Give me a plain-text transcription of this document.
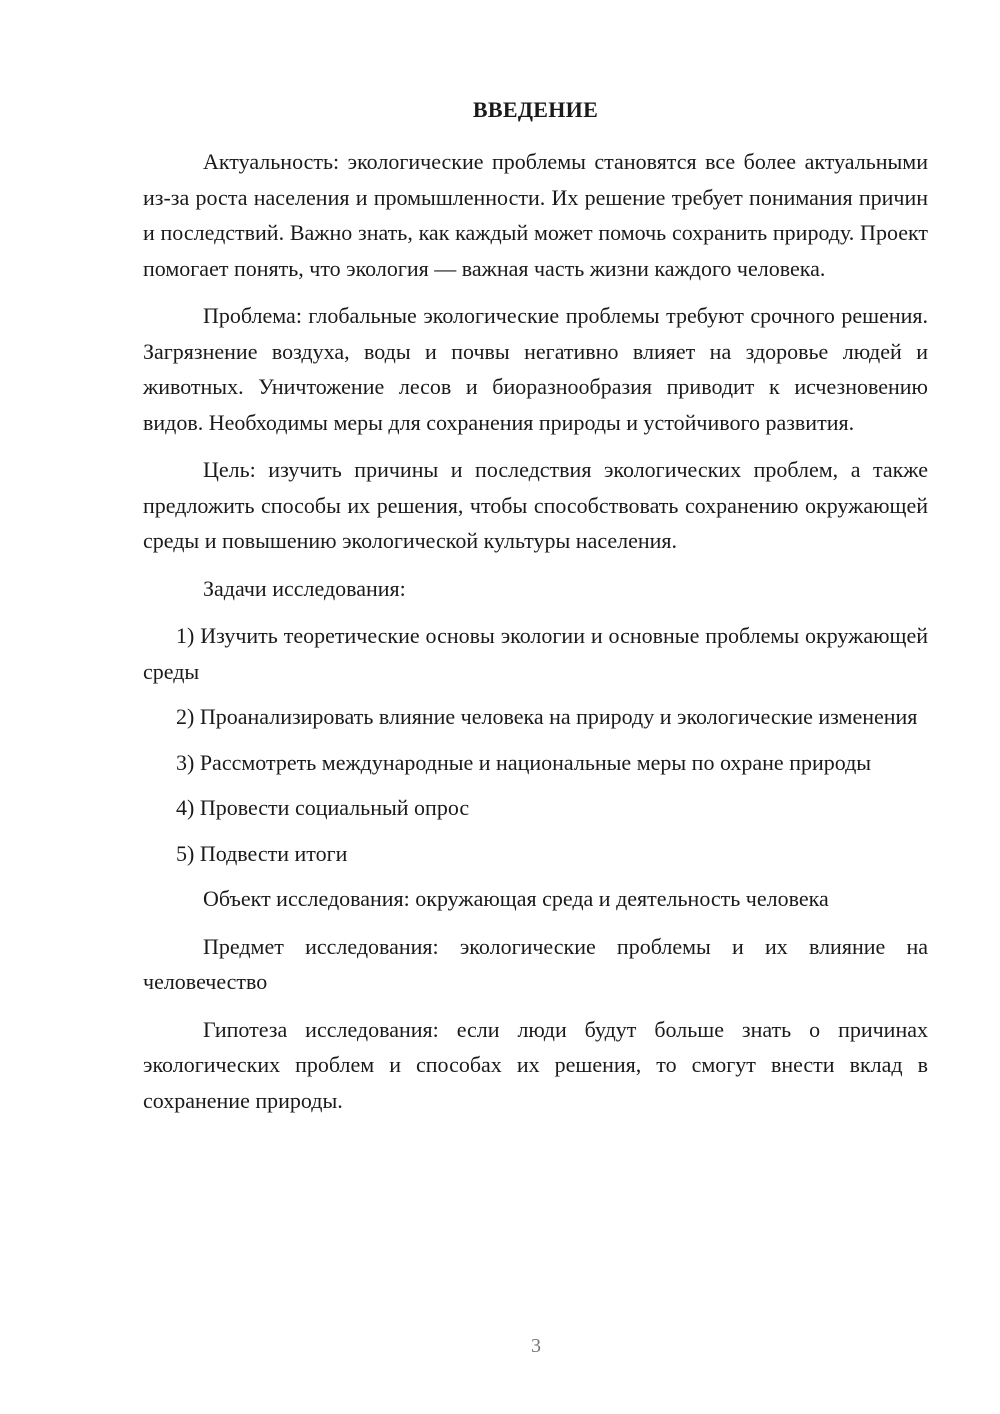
ВВЕДЕНИЕ

Актуальность: экологические проблемы становятся все более актуальными из-за роста населения и промышленности. Их решение требует понимания причин и последствий. Важно знать, как каждый может помочь сохранить природу. Проект помогает понять, что экология — важная часть жизни каждого человека.

Проблема: глобальные экологические проблемы требуют срочного решения. Загрязнение воздуха, воды и почвы негативно влияет на здоровье людей и животных. Уничтожение лесов и биоразнообразия приводит к исчезновению видов. Необходимы меры для сохранения природы и устойчивого развития.

Цель: изучить причины и последствия экологических проблем, а также предложить способы их решения, чтобы способствовать сохранению окружающей среды и повышению экологической культуры населения.

Задачи исследования:

1) Изучить теоретические основы экологии и основные проблемы окружающей среды

2) Проанализировать влияние человека на природу и экологические изменения

3) Рассмотреть международные и национальные меры по охране природы

4) Провести социальный опрос

5) Подвести итоги

Объект исследования: окружающая среда и деятельность человека

Предмет исследования: экологические проблемы и их влияние на человечество

Гипотеза исследования: если люди будут больше знать о причинах экологических проблем и способах их решения, то смогут внести вклад в сохранение природы.

3
